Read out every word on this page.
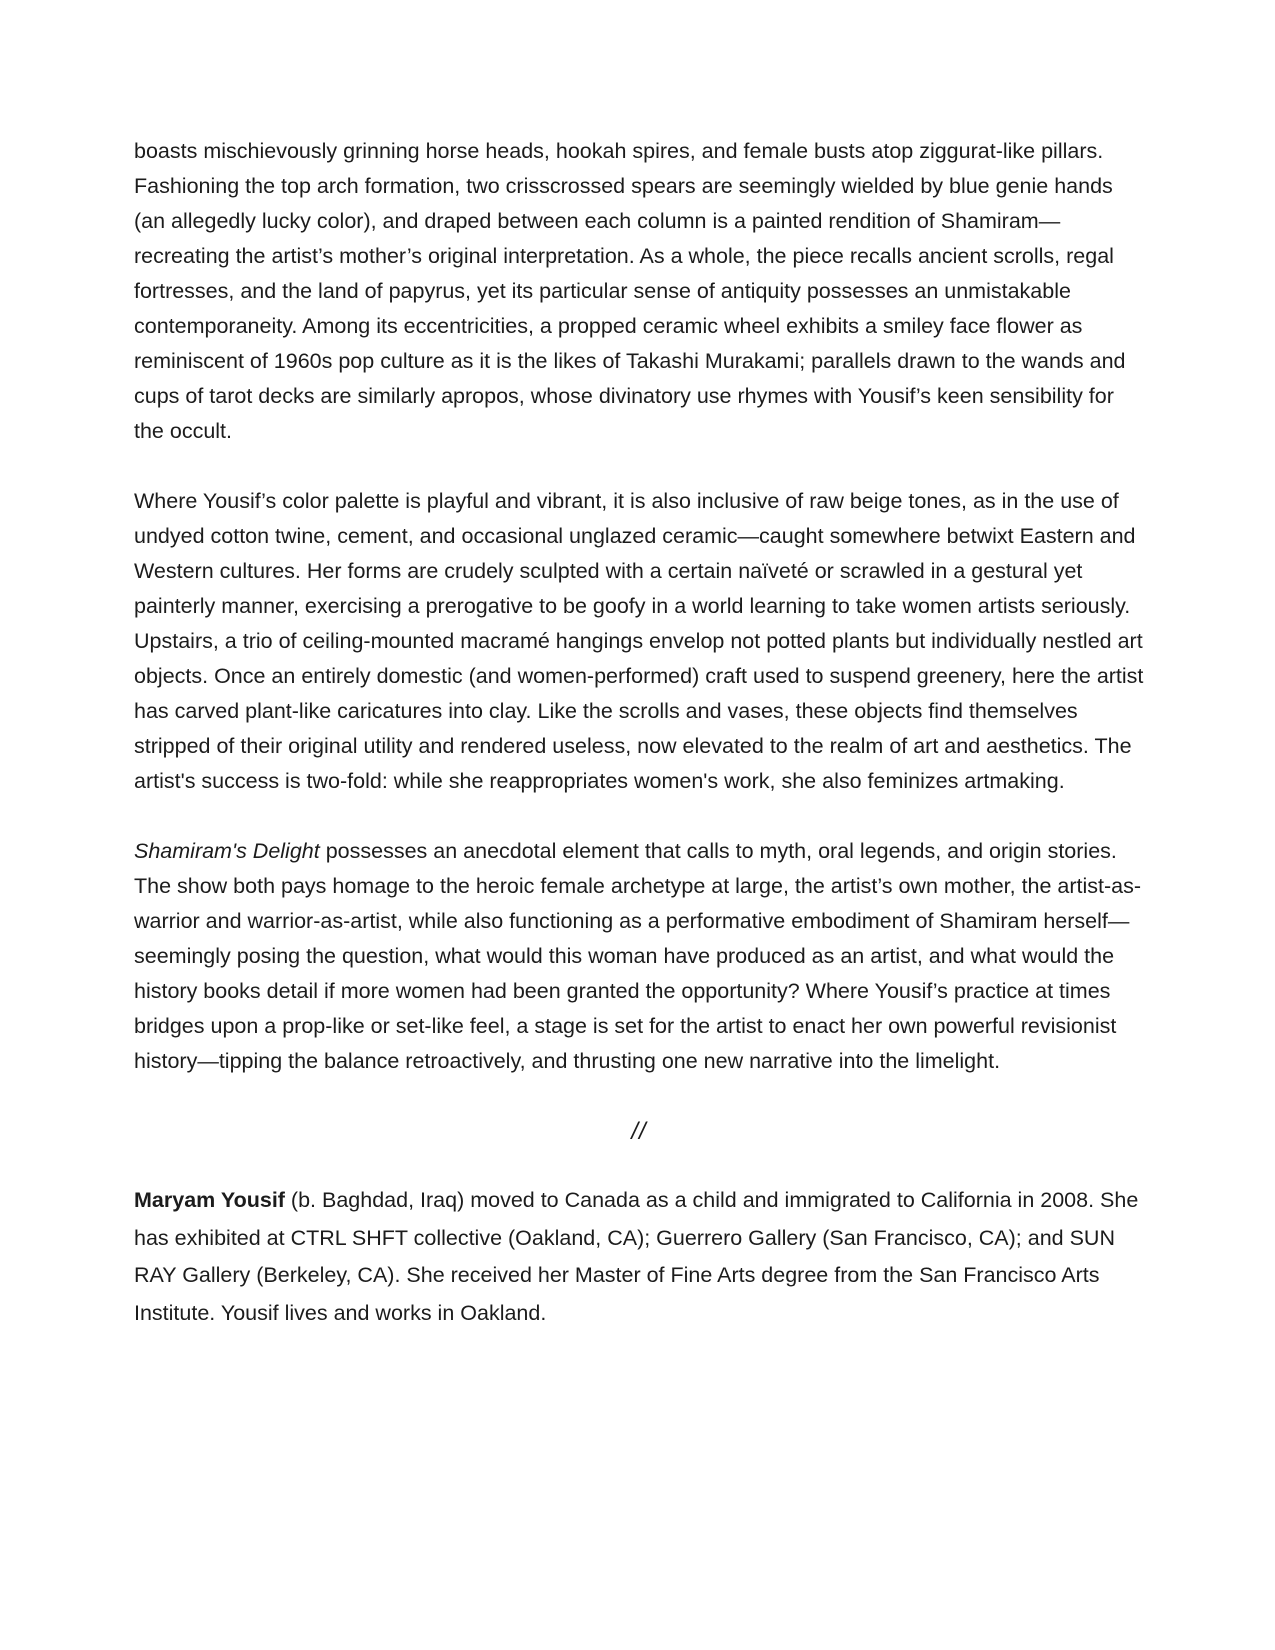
boasts mischievously grinning horse heads, hookah spires, and female busts atop ziggurat-like pillars. Fashioning the top arch formation, two crisscrossed spears are seemingly wielded by blue genie hands (an allegedly lucky color), and draped between each column is a painted rendition of Shamiram—recreating the artist’s mother’s original interpretation. As a whole, the piece recalls ancient scrolls, regal fortresses, and the land of papyrus, yet its particular sense of antiquity possesses an unmistakable contemporaneity. Among its eccentricities, a propped ceramic wheel exhibits a smiley face flower as reminiscent of 1960s pop culture as it is the likes of Takashi Murakami; parallels drawn to the wands and cups of tarot decks are similarly apropos, whose divinatory use rhymes with Yousif’s keen sensibility for the occult.

Where Yousif’s color palette is playful and vibrant, it is also inclusive of raw beige tones, as in the use of undyed cotton twine, cement, and occasional unglazed ceramic—caught somewhere betwixt Eastern and Western cultures. Her forms are crudely sculpted with a certain naïveté or scrawled in a gestural yet painterly manner, exercising a prerogative to be goofy in a world learning to take women artists seriously. Upstairs, a trio of ceiling-mounted macramé hangings envelop not potted plants but individually nestled art objects. Once an entirely domestic (and women-performed) craft used to suspend greenery, here the artist has carved plant-like caricatures into clay. Like the scrolls and vases, these objects find themselves stripped of their original utility and rendered useless, now elevated to the realm of art and aesthetics. The artist's success is two-fold: while she reappropriates women's work, she also feminizes artmaking.

Shamiram's Delight possesses an anecdotal element that calls to myth, oral legends, and origin stories. The show both pays homage to the heroic female archetype at large, the artist’s own mother, the artist-as-warrior and warrior-as-artist, while also functioning as a performative embodiment of Shamiram herself—seemingly posing the question, what would this woman have produced as an artist, and what would the history books detail if more women had been granted the opportunity? Where Yousif’s practice at times bridges upon a prop-like or set-like feel, a stage is set for the artist to enact her own powerful revisionist history—tipping the balance retroactively, and thrusting one new narrative into the limelight.

//

Maryam Yousif (b. Baghdad, Iraq) moved to Canada as a child and immigrated to California in 2008. She has exhibited at CTRL SHFT collective (Oakland, CA); Guerrero Gallery (San Francisco, CA); and SUN RAY Gallery (Berkeley, CA). She received her Master of Fine Arts degree from the San Francisco Arts Institute. Yousif lives and works in Oakland.
